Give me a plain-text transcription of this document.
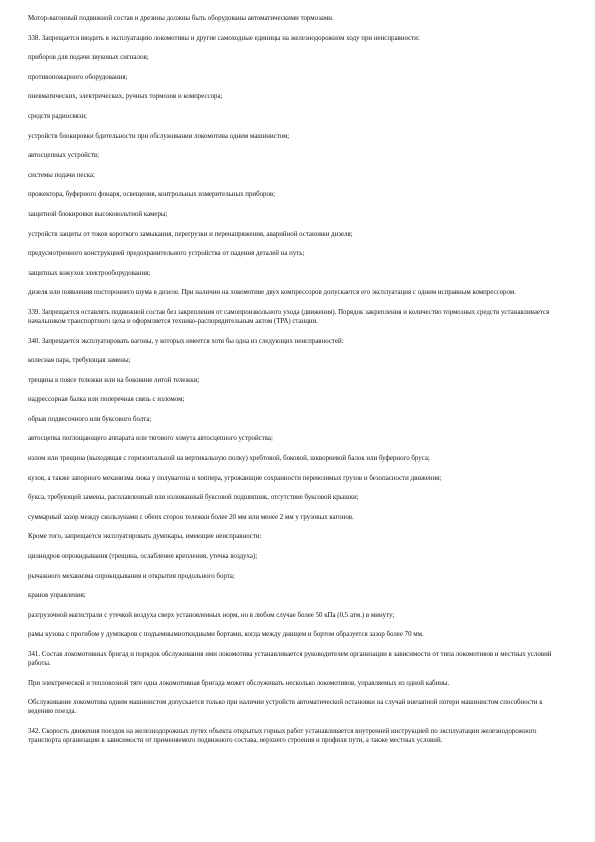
Мотор-вагонный подвижной состав и дрезины должны быть оборудованы автоматическими тормозами.

338. Запрещается вводить в эксплуатацию локомотивы и другие самоходные единицы на железнодорожном ходу при неисправности:

приборов для подачи звуковых сигналов;

противопожарного оборудования;

пневматических, электрических, ручных тормозов и компрессора;

средств радиосвязи;

устройств блокировки бдительности при обслуживании локомотива одним машинистом;

автосцепных устройств;

системы подачи песка;

прожектора, буферного фонаря, освещения, контрольных измерительных приборов;

защитной блокировки высоковольтной камеры;

устройств защиты от токов короткого замыкания, перегрузки и перенапряжения, аварийной остановки дизеля;

предусмотренного конструкцией предохранительного устройства от падения деталей на путь;

защитных кожухов электрооборудования;

дизеля или появления постороннего шума в дизеле. При наличии на локомотиве двух компрессоров допускается его эксплуатация с одним исправным компрессором.

339. Запрещается оставлять подвижной состав без закрепления от самопроизвольного ухода (движения). Порядок закрепления и количество тормозных средств устанавливается начальником транспортного цеха и оформляется технико-распорядительным актом (ТРА) станции.

340. Запрещается эксплуатировать вагоны, у которых имеется хотя бы одна из следующих неисправностей:

колесная пара, требующая замены;

трещина в поясе тележки или на боковине литой тележки;

надрессорная балка или поперечная связь с изломом;

обрыв подвесочного или буксового болта;

автосцепка поглощающего аппарата или тягового хомута автосцепного устройства;

излом или трещина (выходящая с горизонтальной на вертикальную полку) хребтовой, боковой, шкворневой балок или буферного бруса;

кузов, а также запорного механизма люка у полувагона и хоппера, угрожающие сохранности перевозимых грузов и безопасности движения;

букса, требующей замены, расплавленный или изломанный буксовой подшипник, отсутствие буксовой крышки;

суммарный зазор между скользунами с обеих сторон тележки более 20 мм или менее 2 мм у грузовых вагонов.

Кроме того, запрещается эксплуатировать думпкары, имеющие неисправности:

цилиндров опрокидывания (трещина, ослабление крепления, утечка воздуха);

рычажного механизма опрокидывания и открытия продольного борта;

кранов управления;

разгрузочной магистрали с утечкой воздуха сверх установленных норм, но в любом случае более 50 кПа (0,5 атм.) в минуту;

рамы кузова с прогибом у думпкаров с подъемнымиоткидными бортами, когда между днищем и бортом образуется зазор более 70 мм.

341. Состав локомотивных бригад и порядок обслуживания ими локомотива устанавливается руководителем организации в зависимости от типа локомотивов и местных условий работы.

При электрической и тепловозной тяге одна локомотивная бригада может обслуживать несколько локомотивов, управляемых из одной кабины.

Обслуживание локомотива одним машинистом допускается только при наличии устройств автоматической остановки на случай внезапной потери машинистом способности к ведению поезда.

342. Скорость движения поездов на железнодорожных путях объекта открытых горных работ устанавливается внутренней инструкцией по эксплуатации железнодорожного транспорта организации в зависимости от применяемого подвижного состава, верхнего строения и профиля пути, а также местных условий.
